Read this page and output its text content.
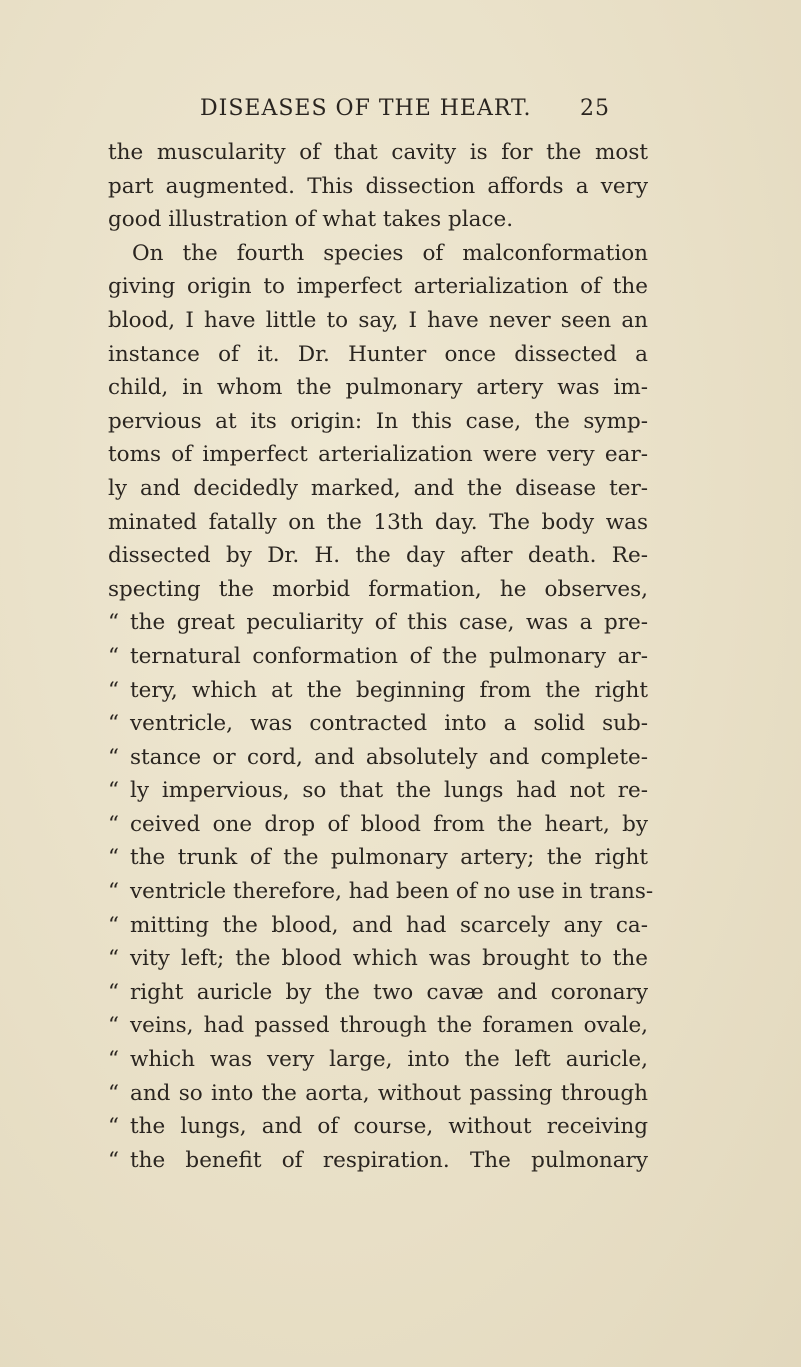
DISEASES OF THE HEART. 25
the muscularity of that cavity is for the most
part augmented. This dissection affords a very
good illustration of what takes place.
On the fourth species of malconformation
giving origin to imperfect arterialization of the
blood, I have little to say, I have never seen an
instance of it. Dr. Hunter once dissected a
child, in whom the pulmonary artery was im-
pervious at its origin: In this case, the symp-
toms of imperfect arterialization were very ear-
ly and decidedly marked, and the disease ter-
minated fatally on the 13th day. The body was
dissected by Dr. H. the day after death. Re-
specting the morbid formation, he observes,
“ the great peculiarity of this case, was a pre-
“ ternatural conformation of the pulmonary ar-
“ tery, which at the beginning from the right
“ ventricle, was contracted into a solid sub-
“ stance or cord, and absolutely and complete-
“ ly impervious, so that the lungs had not re-
“ ceived one drop of blood from the heart, by
“ the trunk of the pulmonary artery; the right
“ ventricle therefore, had been of no use in trans-
“ mitting the blood, and had scarcely any ca-
“ vity left; the blood which was brought to the
“ right auricle by the two cavæ and coronary
“ veins, had passed through the foramen ovale,
“ which was very large, into the left auricle,
“ and so into the aorta, without passing through
“ the lungs, and of course, without receiving
“ the benefit of respiration. The pulmonary
